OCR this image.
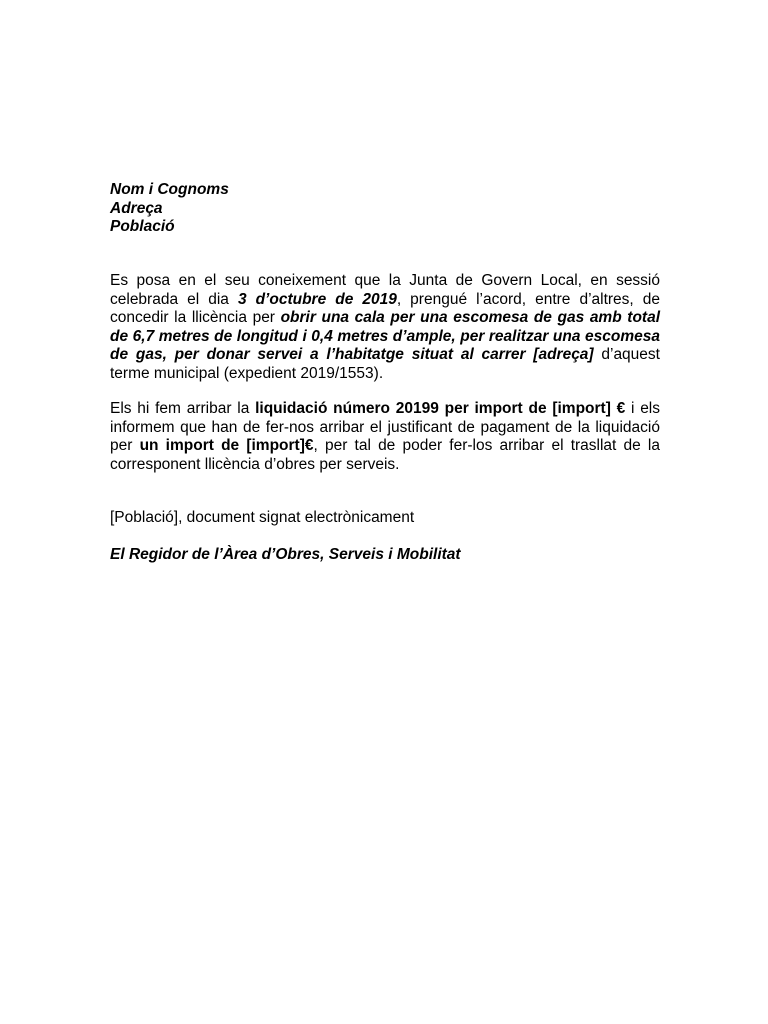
Nom i Cognoms
Adreça
Població
Es posa en el seu coneixement que la Junta de Govern Local, en sessió celebrada el dia 3 d’octubre de 2019, prengué l’acord, entre d’altres, de concedir la llicència per obrir una cala per una escomesa de gas amb total de 6,7 metres de longitud i 0,4 metres d’ample, per realitzar una escomesa de gas, per donar servei a l’habitatge situat al carrer [adreça] d’aquest terme municipal (expedient 2019/1553).
Els hi fem arribar la liquidació número 20199 per import de [import] € i els informem que han de fer-nos arribar el justificant de pagament de la liquidació per un import de [import]€, per tal de poder fer-los arribar el trasllat de la corresponent llicència d’obres per serveis.
[Població], document signat electrònicament
El Regidor de l’Àrea d’Obres, Serveis i Mobilitat
